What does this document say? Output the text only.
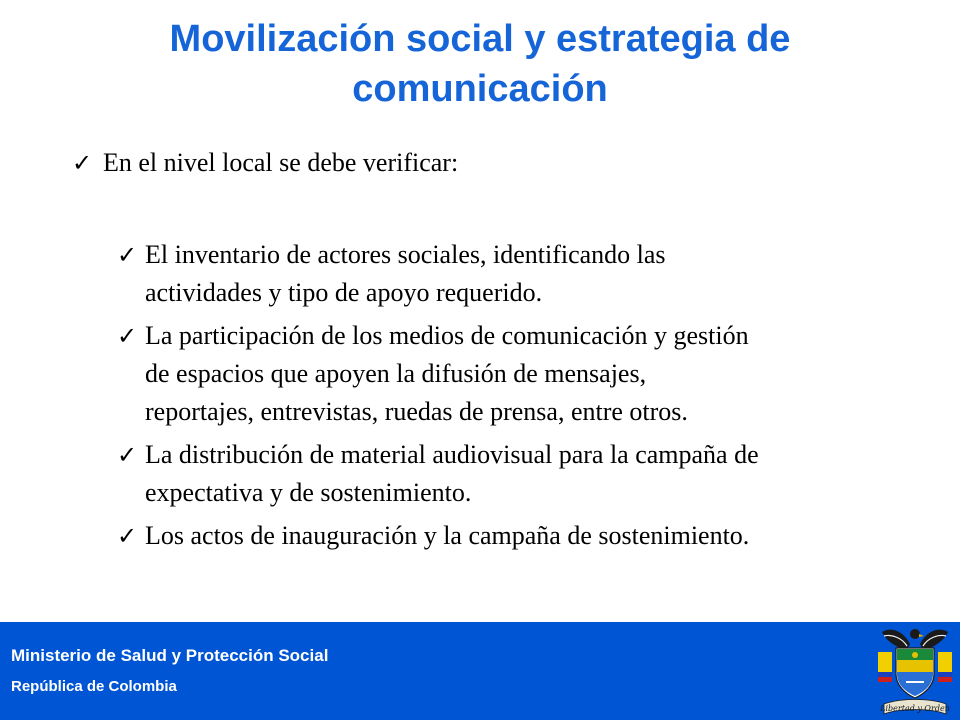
Movilización social y estrategia de
comunicación
✓ En el nivel local se debe verificar:
✓ El inventario de actores sociales, identificando las
actividades y tipo de apoyo requerido.
✓ La participación de los medios de comunicación y gestión
de espacios que apoyen la difusión de mensajes,
reportajes, entrevistas, ruedas de prensa, entre otros.
✓ La distribución de material audiovisual para la campaña de
expectativa y de sostenimiento.
✓ Los actos de inauguración y la campaña de sostenimiento.
Ministerio de Salud y Protección Social
República de Colombia
Libertad y Orden
